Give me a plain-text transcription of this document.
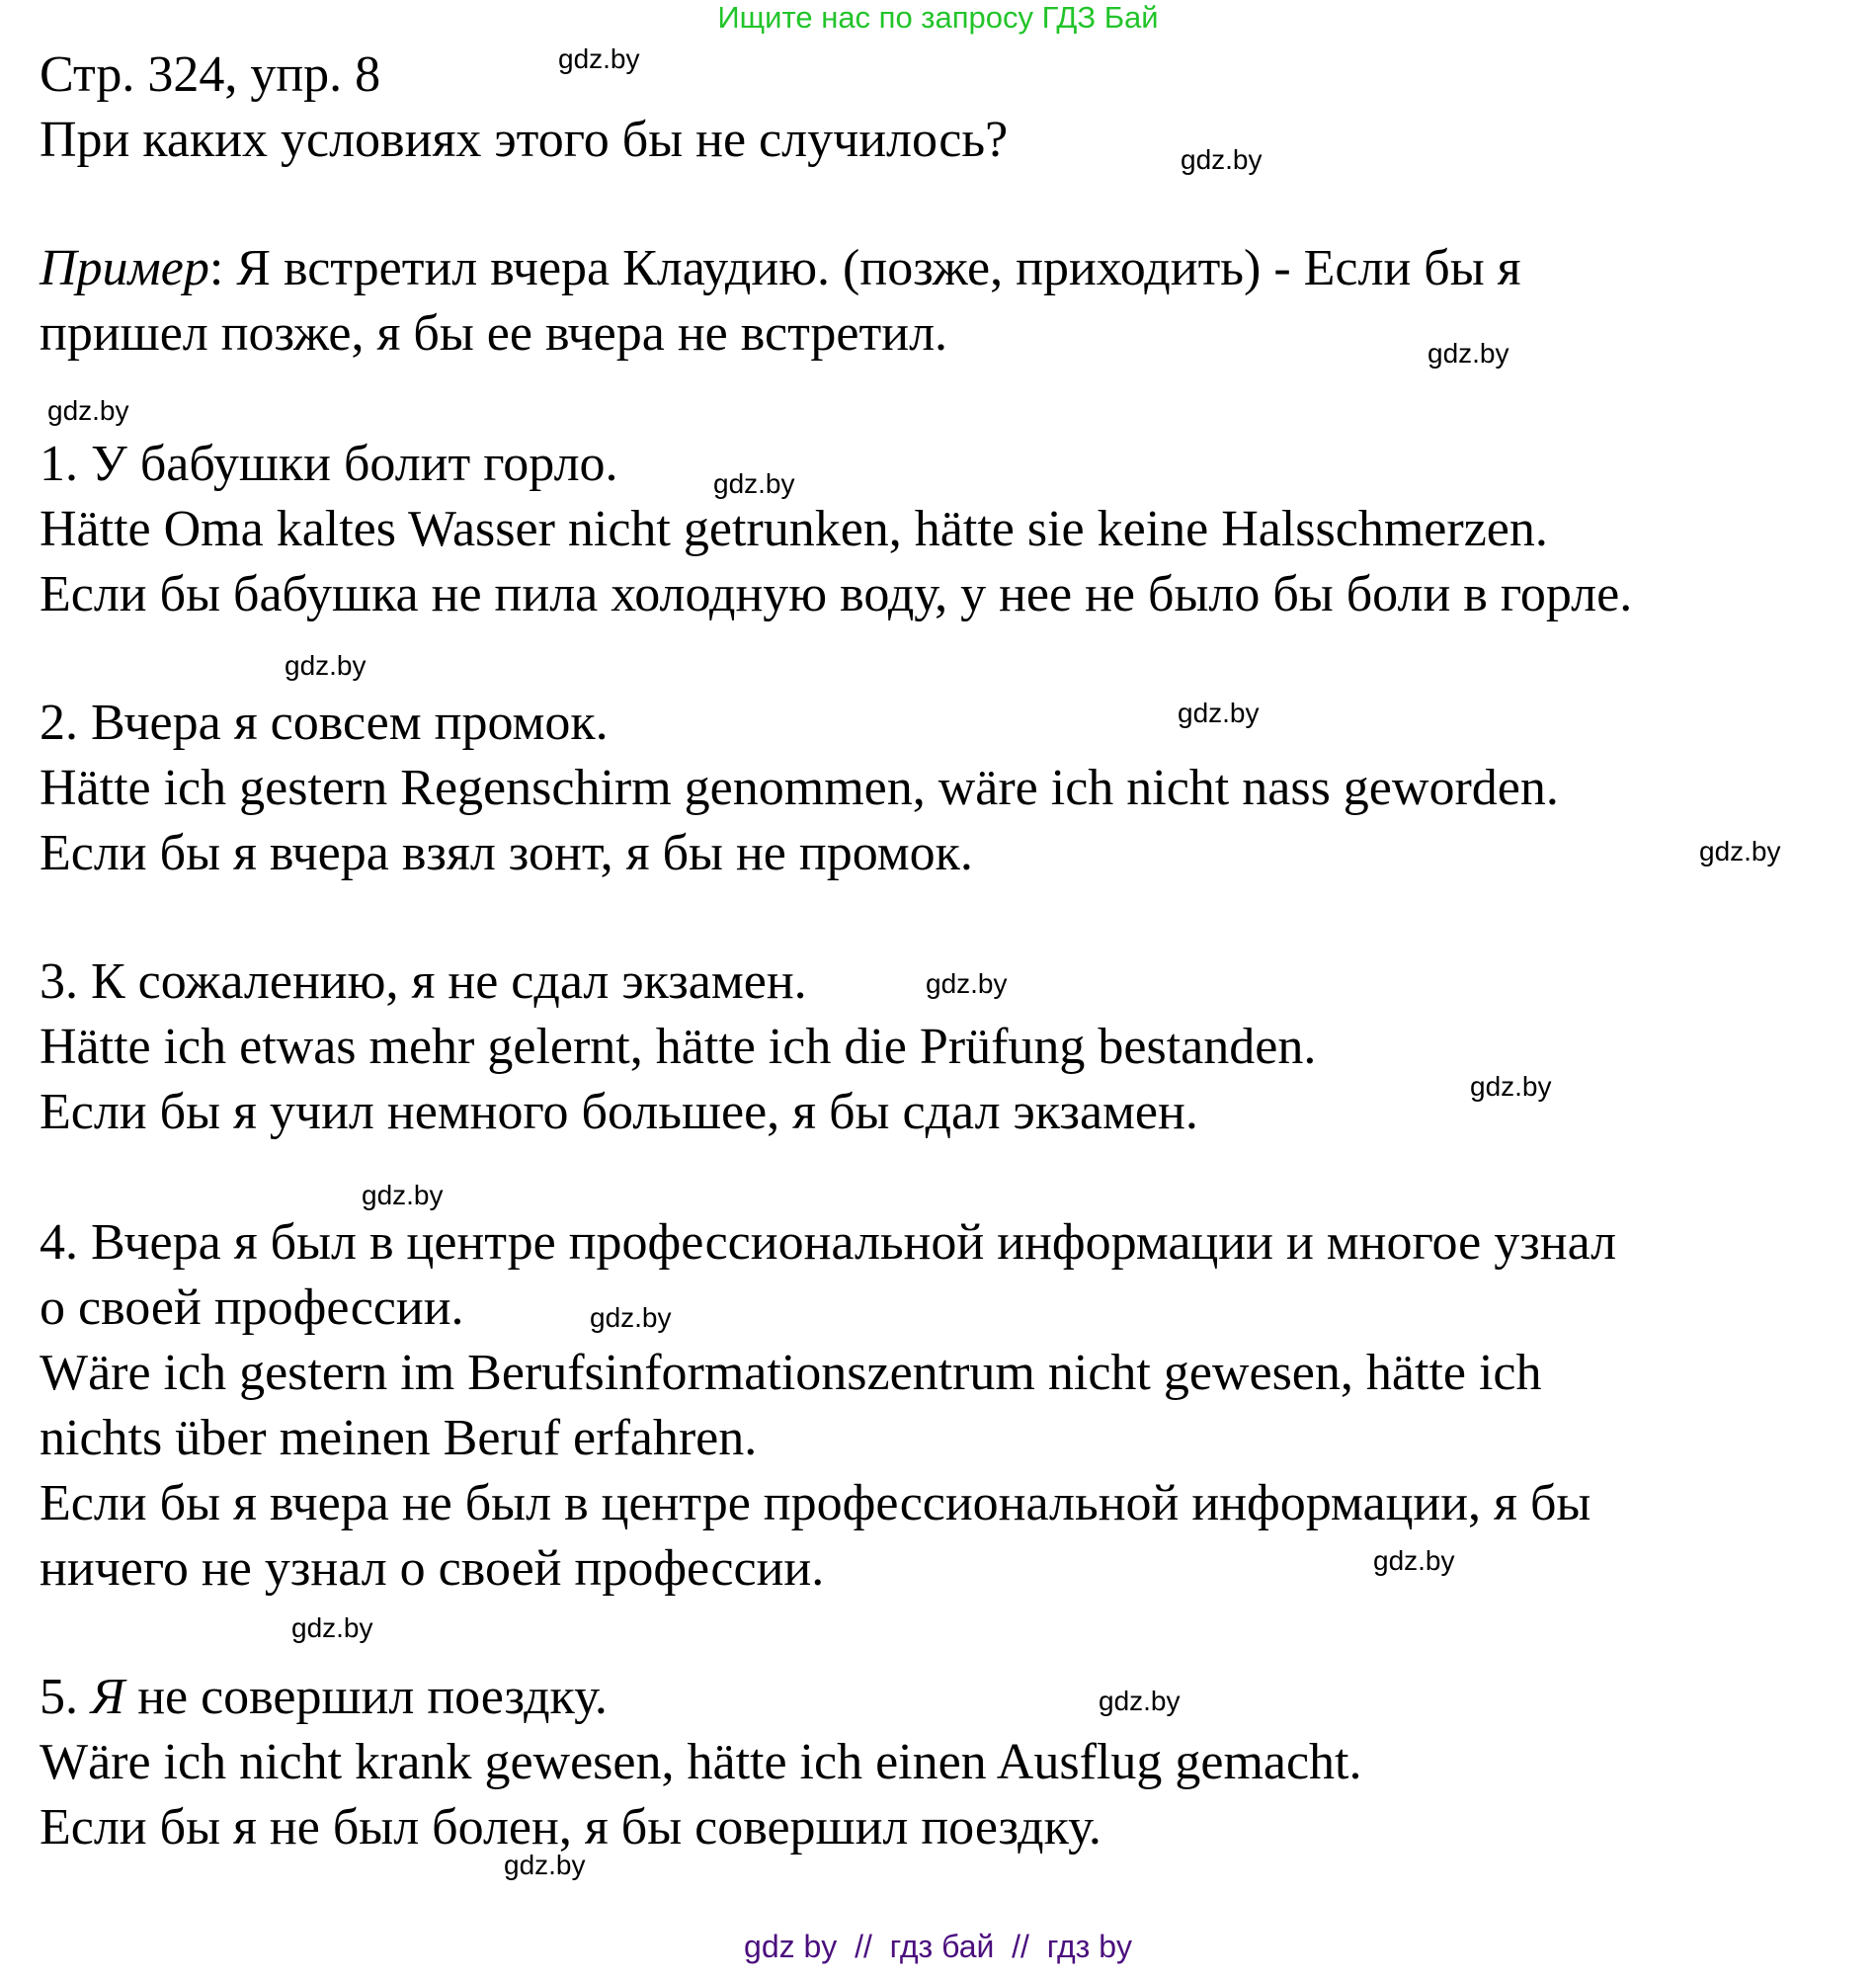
Ищите нас по запросу ГДЗ Бай
Стр. 324, упр. 8	gdz.by
При каких условиях этого бы не случилось?	gdz.by
Пример: Я встретил вчера Клаудию. (позже, приходить) - Если бы я
пришел позже, я бы ее вчера не встретил.	gdz.by
gdz.by
1. У бабушки болит горло.	gdz.by
Hätte Oma kaltes Wasser nicht getrunken, hätte sie keine Halsschmerzen.
Если бы бабушка не пила холодную воду, у нее не было бы боли в горле.
gdz.by
2. Вчера я совсем промок.	gdz.by
Hätte ich gestern Regenschirm genommen, wäre ich nicht nass geworden.
Если бы я вчера взял зонт, я бы не промок.	gdz.by
3. К сожалению, я не сдал экзамен.	gdz.by
Hätte ich etwas mehr gelernt, hätte ich die Prüfung bestanden.
gdz.by
Если бы я учил немного большее, я бы сдал экзамен.
gdz.by
4. Вчера я был в центре профессиональной информации и многое узнал
о своей профессии.	gdz.by
Wäre ich gestern im Berufsinformationszentrum nicht gewesen, hätte ich
nichts über meinen Beruf erfahren.
Если бы я вчера не был в центре профессиональной информации, я бы
ничего не узнал о своей профессии.	gdz.by
gdz.by
5. Я не совершил поездку.	gdz.by
Wäre ich nicht krank gewesen, hätte ich einen Ausflug gemacht.
Если бы я не был болен, я бы совершил поездку.
gdz.by
gdz by  //  гдз бай  //  гдз by
